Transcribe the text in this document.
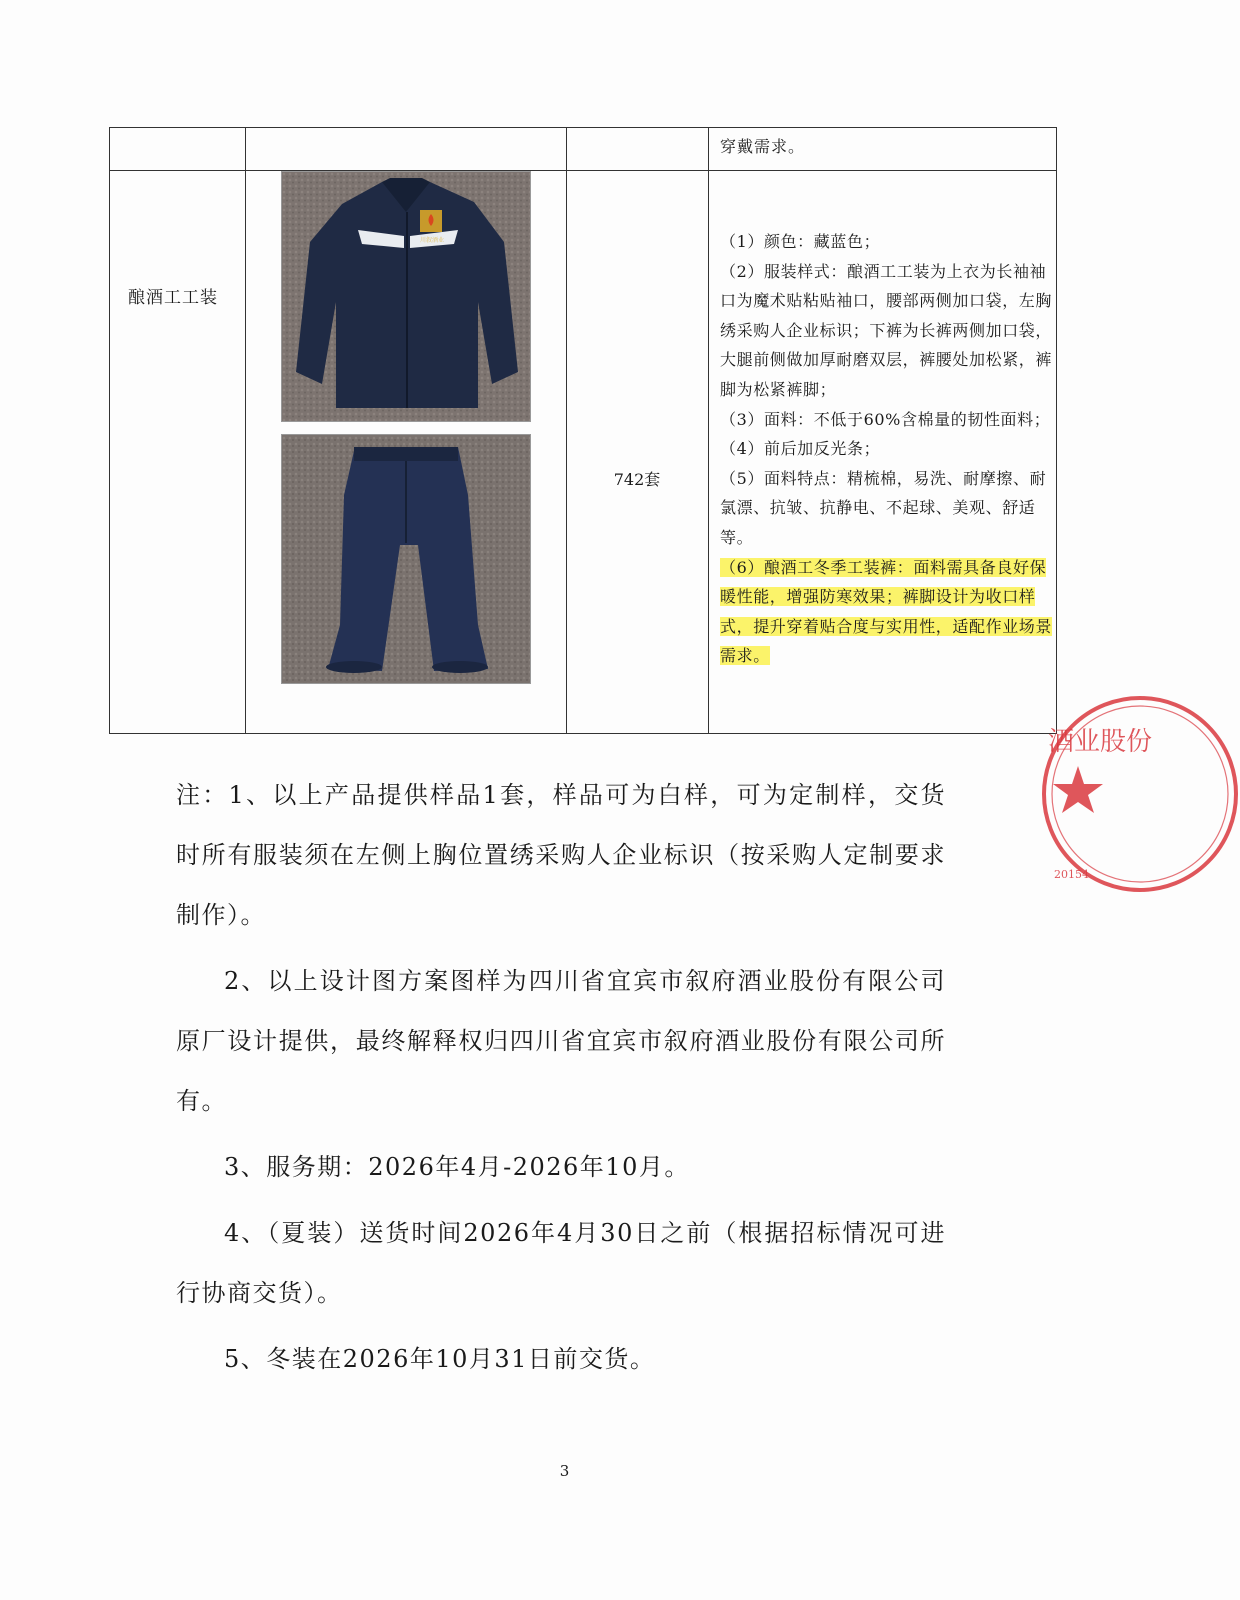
穿戴需求。
酿酒工工装
川叙酒业
742套

（1）颜色：藏蓝色；

（2）服装样式：酿酒工工装为上衣为长袖袖口为魔术贴粘贴袖口，腰部两侧加口袋，左胸绣采购人企业标识；下裤为长裤两侧加口袋，大腿前侧做加厚耐磨双层，裤腰处加松紧，裤脚为松紧裤脚；

（3）面料：不低于60%含棉量的韧性面料；

（4）前后加反光条；

（5）面料特点：精梳棉，易洗、耐摩擦、耐氯漂、抗皱、抗静电、不起球、美观、舒适等。

（6）酿酒工冬季工装裤：面料需具备良好保暖性能，增强防寒效果；裤脚设计为收口样式，提升穿着贴合度与实用性，适配作业场景需求。

注：1、以上产品提供样品1套，样品可为白样，可为定制样，交货时所有服装须在左侧上胸位置绣采购人企业标识（按采购人定制要求制作）。

2、以上设计图方案图样为四川省宜宾市叙府酒业股份有限公司原厂设计提供，最终解释权归四川省宜宾市叙府酒业股份有限公司所有。

3、服务期：2026年4月-2026年10月。

4、（夏装）送货时间2026年4月30日之前（根据招标情况可进行协商交货）。

5、冬装在2026年10月31日前交货。

酒业股份
20154
3
